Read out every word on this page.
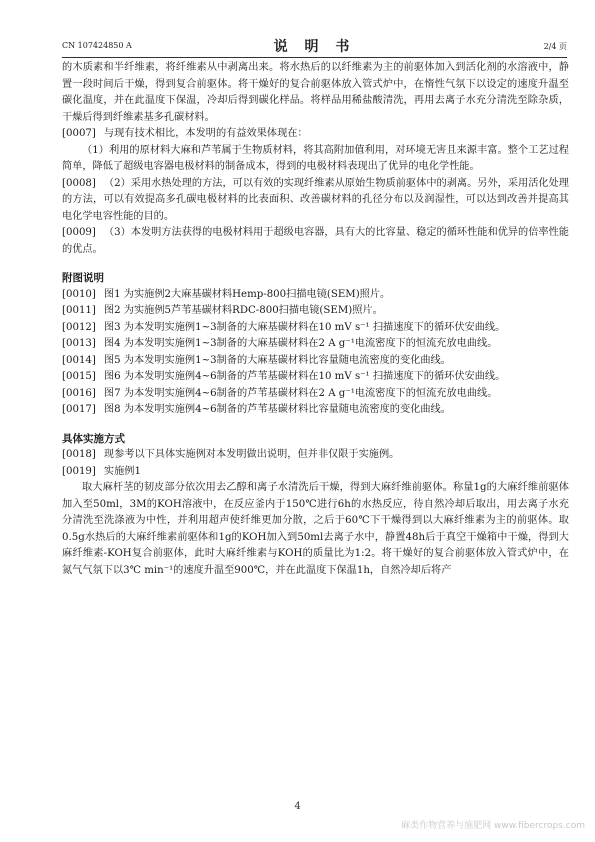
CN 107424850 A	说 明 书	2/4 页

的木质素和半纤维素，将纤维素从中剥离出来。将水热后的以纤维素为主的前驱体加入到活化剂的水溶液中，静置一段时间后干燥，得到复合前驱体。将干燥好的复合前驱体放入管式炉中，在惰性气氛下以设定的速度升温至碳化温度，并在此温度下保温，冷却后得到碳化样品。将样品用稀盐酸清洗，再用去离子水充分清洗至除杂质，干燥后得到纤维素基多孔碳材料。

[0007] 与现有技术相比，本发明的有益效果体现在：

（1）利用的原材料大麻和芦苇属于生物质材料，将其高附加值利用，对环境无害且来源丰富。整个工艺过程简单，降低了超级电容器电极材料的制备成本，得到的电极材料表现出了优异的电化学性能。

[0008] （2）采用水热处理的方法，可以有效的实现纤维素从原始生物质前驱体中的剥离。另外，采用活化处理的方法，可以有效提高多孔碳电极材料的比表面积、改善碳材料的孔径分布以及润湿性，可以达到改善并提高其电化学电容性能的目的。

[0009] （3）本发明方法获得的电极材料用于超级电容器，具有大的比容量、稳定的循环性能和优异的倍率性能的优点。

附图说明

[0010] 图1 为实施例2大麻基碳材料Hemp-800扫描电镜(SEM)照片。

[0011] 图2 为实施例5芦苇基碳材料RDC-800扫描电镜(SEM)照片。

[0012] 图3 为本发明实施例1~3制备的大麻基碳材料在10 mV s⁻¹ 扫描速度下的循环伏安曲线。

[0013] 图4 为本发明实施例1~3制备的大麻基碳材料在2 A g⁻¹电流密度下的恒流充放电曲线。

[0014] 图5 为本发明实施例1~3制备的大麻基碳材料比容量随电流密度的变化曲线。

[0015] 图6 为本发明实施例4~6制备的芦苇基碳材料在10 mV s⁻¹ 扫描速度下的循环伏安曲线。

[0016] 图7 为本发明实施例4~6制备的芦苇基碳材料在2 A g⁻¹电流密度下的恒流充放电曲线。

[0017] 图8 为本发明实施例4~6制备的芦苇基碳材料比容量随电流密度的变化曲线。

具体实施方式

[0018] 现参考以下具体实施例对本发明做出说明，但并非仅限于实施例。

[0019] 实施例1

取大麻杆茎的韧皮部分依次用去乙醇和离子水清洗后干燥，得到大麻纤维前驱体。称量1g的大麻纤维前驱体加入至50ml，3M的KOH溶液中，在反应釜内于150℃进行6h的水热反应，待自然冷却后取出，用去离子水充分清洗至洗涤液为中性，并利用超声使纤维更加分散，之后于60℃下干燥得到以大麻纤维素为主的前驱体。取0.5g水热后的大麻纤维素前驱体和1g的KOH加入到50ml去离子水中，静置48h后于真空干燥箱中干燥，得到大麻纤维素-KOH复合前驱体，此时大麻纤维素与KOH的质量比为1:2。将干燥好的复合前驱体放入管式炉中，在氮气气氛下以3℃ min⁻¹的速度升温至900℃，并在此温度下保温1h，自然冷却后将产

4
麻类作物营养与施肥网 www.fibercrops.com
